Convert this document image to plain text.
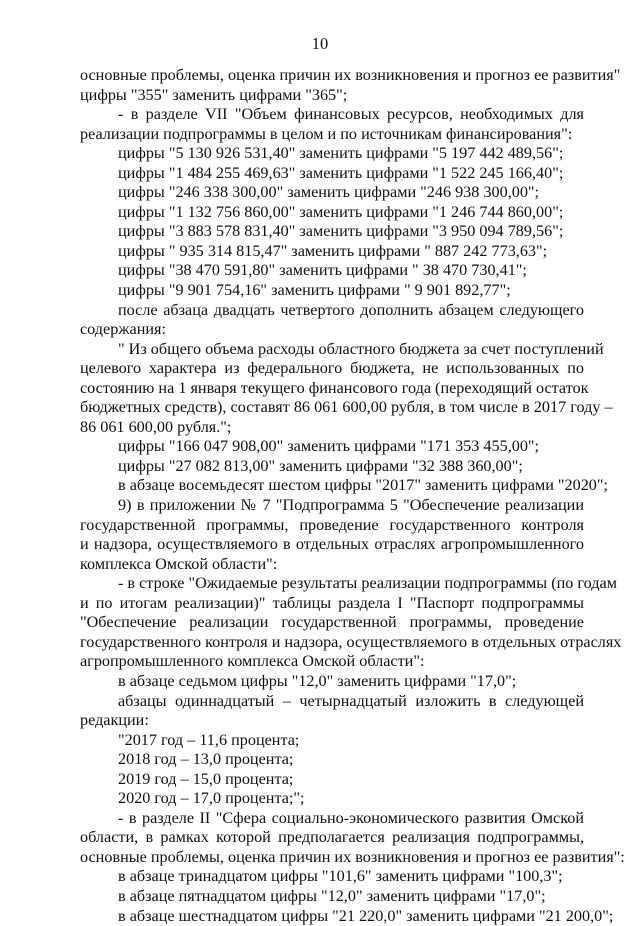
10
основные проблемы, оценка причин их возникновения и прогноз ее развития"
цифры "355" заменить цифрами "365";
- в разделе VII "Объем финансовых ресурсов, необходимых для
реализации подпрограммы в целом и по источникам финансирования":
цифры "5 130 926 531,40" заменить цифрами "5 197 442 489,56";
цифры "1 484 255 469,63" заменить цифрами "1 522 245 166,40";
цифры "246 338 300,00" заменить цифрами "246 938 300,00";
цифры "1 132 756 860,00" заменить цифрами "1 246 744 860,00";
цифры "3 883 578 831,40" заменить цифрами "3 950 094 789,56";
цифры " 935 314 815,47" заменить цифрами " 887 242 773,63";
цифры "38 470 591,80" заменить цифрами " 38 470 730,41";
цифры "9 901 754,16" заменить цифрами " 9 901 892,77";
после абзаца двадцать четвертого дополнить абзацем следующего
содержания:
" Из общего объема расходы областного бюджета за счет поступлений
целевого характера из федерального бюджета, не использованных по
состоянию на 1 января текущего финансового года (переходящий остаток
бюджетных средств), составят 86 061 600,00 рубля, в том числе в 2017 году –
86 061 600,00 рубля.";
цифры "166 047 908,00" заменить цифрами "171 353 455,00";
цифры "27 082 813,00" заменить цифрами "32 388 360,00";
в абзаце восемьдесят шестом цифры "2017" заменить цифрами "2020";
9) в приложении № 7 "Подпрограмма 5 "Обеспечение реализации
государственной программы, проведение государственного контроля
и надзора, осуществляемого в отдельных отраслях агропромышленного
комплекса Омской области":
- в строке "Ожидаемые результаты реализации подпрограммы (по годам
и по итогам реализации)" таблицы раздела I "Паспорт подпрограммы
"Обеспечение реализации государственной программы, проведение
государственного контроля и надзора, осуществляемого в отдельных отраслях
агропромышленного комплекса Омской области":
в абзаце седьмом цифры "12,0" заменить цифрами "17,0";
абзацы одиннадцатый – четырнадцатый изложить в следующей
редакции:
"2017 год – 11,6 процента;
2018 год – 13,0 процента;
2019 год – 15,0 процента;
2020 год – 17,0 процента;";
- в разделе II "Сфера социально-экономического развития Омской
области, в рамках которой предполагается реализация подпрограммы,
основные проблемы, оценка причин их возникновения и прогноз ее развития":
в абзаце тринадцатом цифры "101,6" заменить цифрами "100,3";
в абзаце пятнадцатом цифры "12,0" заменить цифрами "17,0";
в абзаце шестнадцатом цифры "21 220,0" заменить цифрами "21 200,0";
